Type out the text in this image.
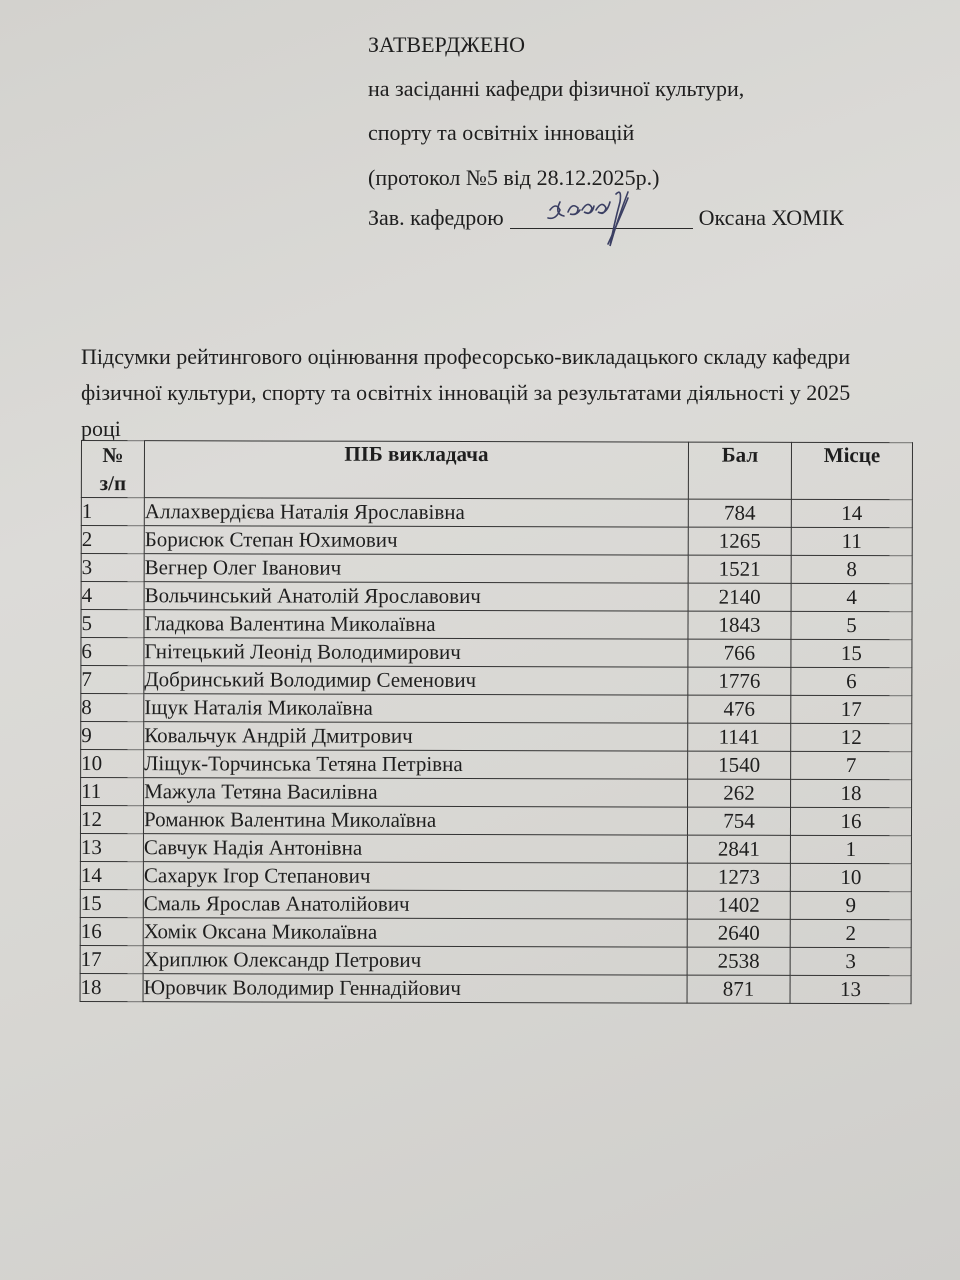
ЗАТВЕРДЖЕНО
на засіданні кафедри фізичної культури,
спорту та освітніх інновацій
(протокол №5 від 28.12.2025р.)
Зав. кафедрою	Оксана ХОМІК
Підсумки рейтингового оцінювання професорсько-викладацького складу кафедри фізичної культури, спорту та освітніх інновацій за результатами діяльності у 2025 році
№
з/п	ПІБ викладача	Бал	Місце
1	Аллахвердієва Наталія Ярославівна	784	14
2	Борисюк Степан Юхимович	1265	11
3	Вегнер Олег Іванович	1521	8
4	Вольчинський Анатолій Ярославович	2140	4
5	Гладкова Валентина Миколаївна	1843	5
6	Гнітецький Леонід Володимирович	766	15
7	Добринський Володимир Семенович	1776	6
8	Іщук Наталія Миколаївна	476	17
9	Ковальчук Андрій Дмитрович	1141	12
10	Ліщук-Торчинська Тетяна Петрівна	1540	7
11	Мажула Тетяна Василівна	262	18
12	Романюк Валентина Миколаївна	754	16
13	Савчук Надія Антонівна	2841	1
14	Сахарук Ігор Степанович	1273	10
15	Смаль Ярослав Анатолійович	1402	9
16	Хомік Оксана Миколаївна	2640	2
17	Хриплюк Олександр Петрович	2538	3
18	Юровчик Володимир Геннадійович	871	13
